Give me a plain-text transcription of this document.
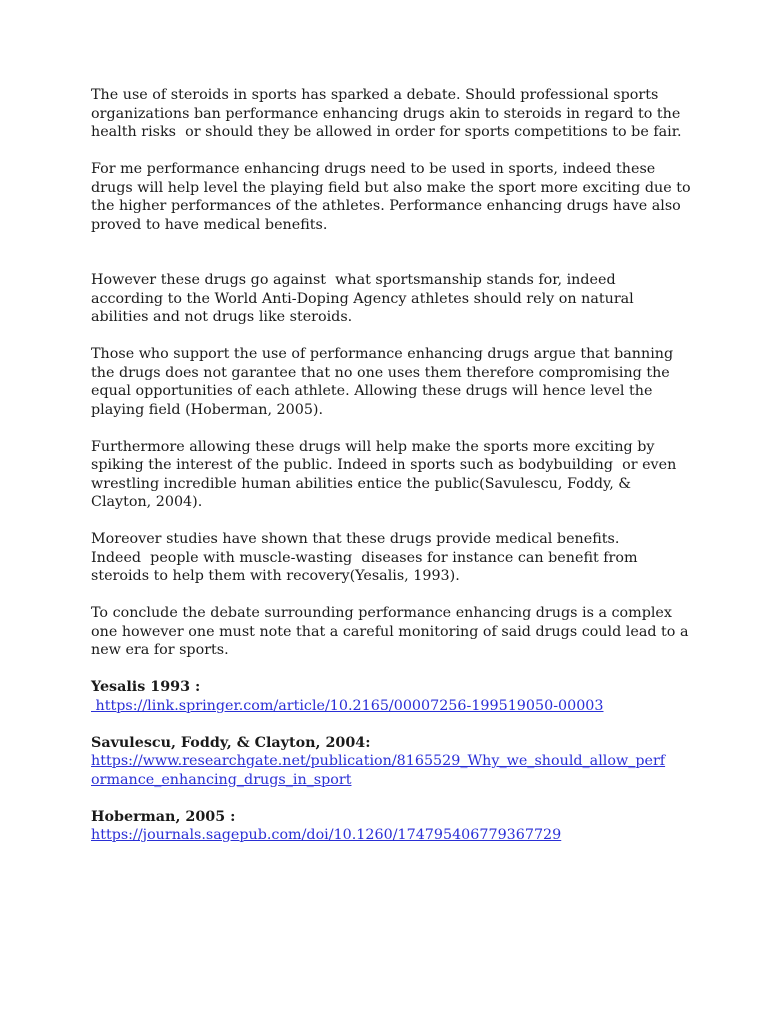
The use of steroids in sports has sparked a debate. Should professional sports
organizations ban performance enhancing drugs akin to steroids in regard to the
health risks  or should they be allowed in order for sports competitions to be fair.

For me performance enhancing drugs need to be used in sports, indeed these
drugs will help level the playing field but also make the sport more exciting due to
the higher performances of the athletes. Performance enhancing drugs have also
proved to have medical benefits.

However these drugs go against  what sportsmanship stands for, indeed
according to the World Anti-Doping Agency athletes should rely on natural
abilities and not drugs like steroids.

Those who support the use of performance enhancing drugs argue that banning
the drugs does not garantee that no one uses them therefore compromising the
equal opportunities of each athlete. Allowing these drugs will hence level the
playing field (Hoberman, 2005).

Furthermore allowing these drugs will help make the sports more exciting by
spiking the interest of the public. Indeed in sports such as bodybuilding  or even
wrestling incredible human abilities entice the public(Savulescu, Foddy, &
Clayton, 2004).

Moreover studies have shown that these drugs provide medical benefits.
Indeed  people with muscle-wasting  diseases for instance can benefit from
steroids to help them with recovery(Yesalis, 1993).

To conclude the debate surrounding performance enhancing drugs is a complex
one however one must note that a careful monitoring of said drugs could lead to a
new era for sports.

Yesalis 1993 :
https://link.springer.com/article/10.2165/00007256-199519050-00003
Savulescu, Foddy, & Clayton, 2004:
https://www.researchgate.net/publication/8165529_Why_we_should_allow_perf
ormance_enhancing_drugs_in_sport
Hoberman, 2005 :
https://journals.sagepub.com/doi/10.1260/174795406779367729
